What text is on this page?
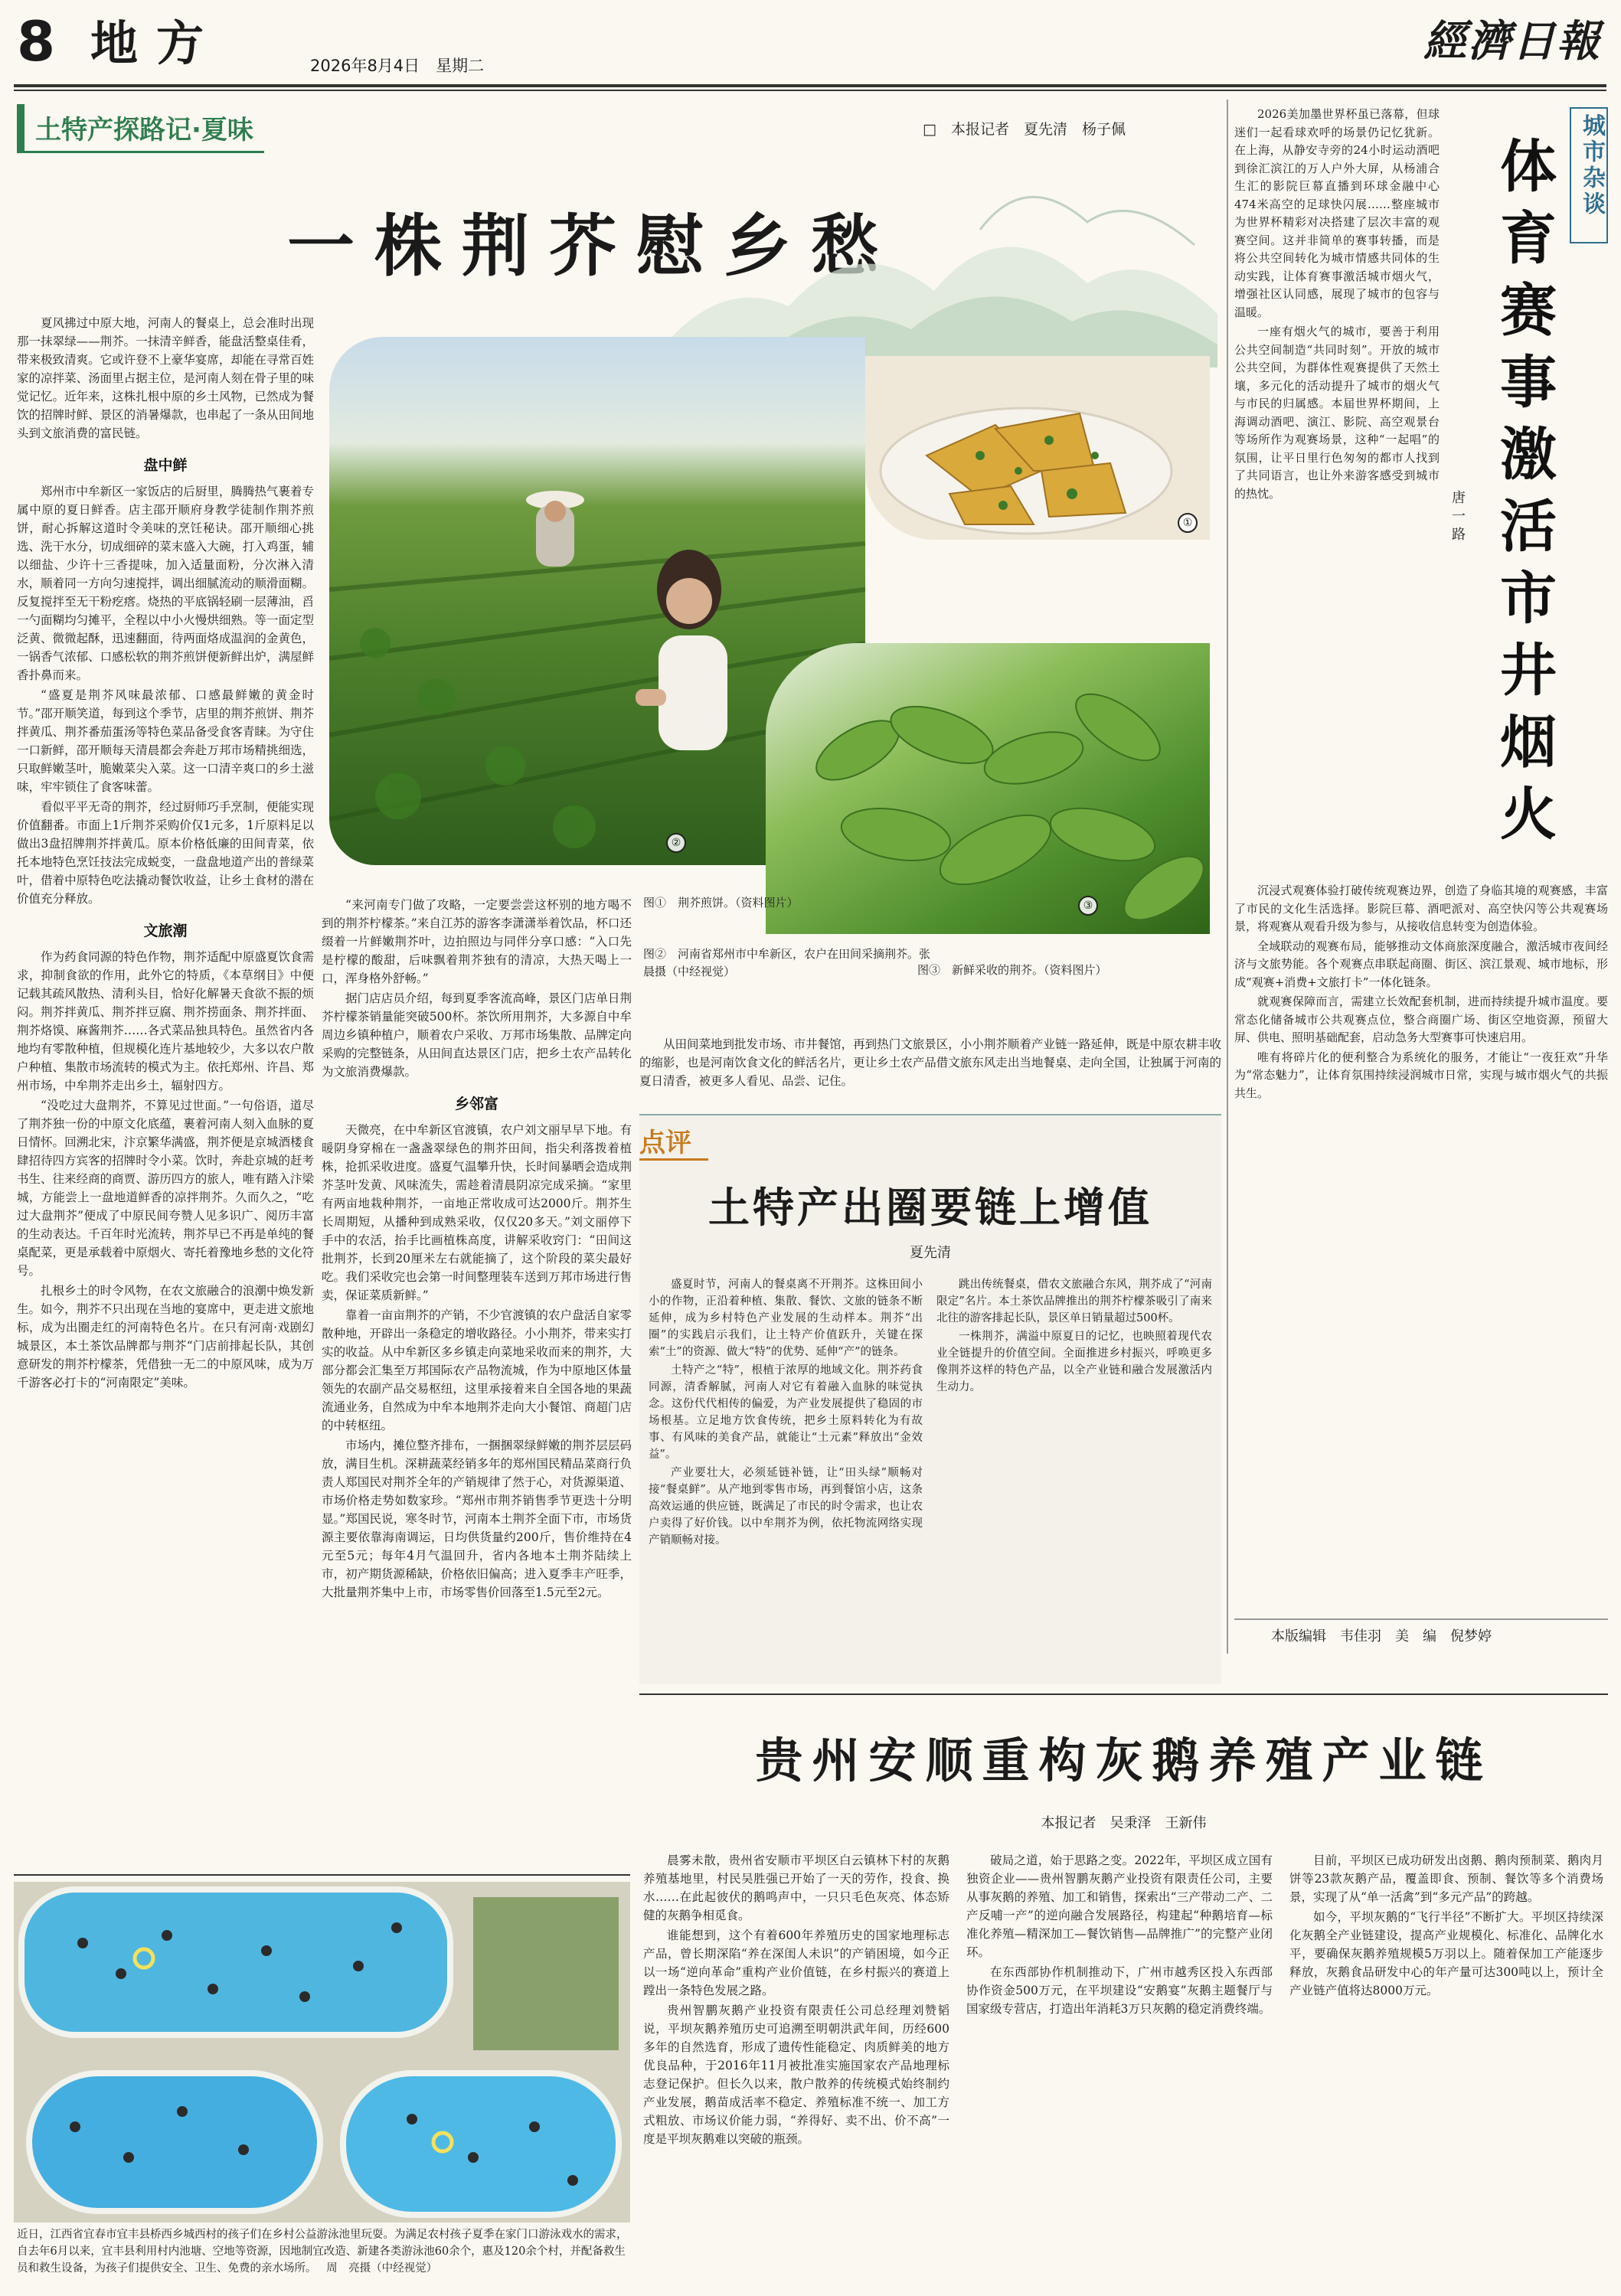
8 地方	2026年8月4日　星期二	經濟日報
土特产探路记·夏味	□　本报记者　夏先清　杨子佩
一株荆芥慰乡愁
②
①
③
图①　荆芥煎饼。（资料图片）
图②　河南省郑州市中牟新区，农户在田间采摘荆芥。张　晨摄（中经视觉）	图③　新鲜采收的荆芥。（资料图片）

夏风拂过中原大地，河南人的餐桌上，总会准时出现那一抹翠绿——荆芥。一抹清辛鲜香，能盘活整桌佳肴，带来极致清爽。它或许登不上豪华宴席，却能在寻常百姓家的凉拌菜、汤面里占据主位，是河南人刻在骨子里的味觉记忆。近年来，这株扎根中原的乡土风物，已然成为餐饮的招牌时鲜、景区的消暑爆款，也串起了一条从田间地头到文旅消费的富民链。

盘中鲜

郑州市中牟新区一家饭店的后厨里，腾腾热气裹着专属中原的夏日鲜香。店主邵开顺府身教学徒制作荆芥煎饼，耐心拆解这道时令美味的烹饪秘诀。邵开顺细心挑选、洗干水分，切成细碎的菜末盛入大碗，打入鸡蛋，辅以细盐、少许十三香提味，加入适量面粉，分次淋入清水，顺着同一方向匀速搅拌，调出细腻流动的顺滑面糊。反复搅拌至无干粉疙瘩。烧热的平底锅轻刷一层薄油，舀一勺面糊均匀摊平，全程以中小火慢烘细熟。等一面定型泛黄、微微起酥，迅速翻面，待两面烙成温润的金黄色，一锅香气浓郁、口感松软的荆芥煎饼便新鲜出炉，满屋鲜香扑鼻而来。

“盛夏是荆芥风味最浓郁、口感最鲜嫩的黄金时节。”邵开顺笑道，每到这个季节，店里的荆芥煎饼、荆芥拌黄瓜、荆芥番茄蛋汤等特色菜品备受食客青睐。为守住一口新鲜，邵开顺每天清晨都会奔赴万邦市场精挑细选，只取鲜嫩茎叶，脆嫩菜尖入菜。这一口清辛爽口的乡土滋味，牢牢锁住了食客味蕾。

看似平平无奇的荆芥，经过厨师巧手烹制，便能实现价值翻番。市面上1斤荆芥采购价仅1元多，1斤原料足以做出3盘招牌荆芥拌黄瓜。原本价格低廉的田间青菜，依托本地特色烹饪技法完成蜕变，一盘盘地道产出的普绿菜叶，借着中原特色吃法撬动餐饮收益，让乡土食材的潜在价值充分释放。

文旅潮

作为药食同源的特色作物，荆芥适配中原盛夏饮食需求，抑制食欲的作用，此外它的特质，《本草纲目》中便记载其疏风散热、清利头目，恰好化解暑天食欲不振的烦闷。荆芥拌黄瓜、荆芥拌豆腐、荆芥捞面条、荆芥拌面、荆芥烙馍、麻酱荆芥……各式菜品独具特色。虽然省内各地均有零散种植，但规模化连片基地较少，大多以农户散户种植、集散市场流转的模式为主。依托郑州、许昌、郑州市场，中牟荆芥走出乡土，辐射四方。

“没吃过大盘荆芥，不算见过世面。”一句俗语，道尽了荆芥独一份的中原文化底蕴，裹着河南人刻入血脉的夏日情怀。回溯北宋，汴京繁华满盛，荆芥便是京城酒楼食肆招待四方宾客的招牌时令小菜。饮时，奔赴京城的赶考书生、往来经商的商贾、游历四方的旅人，唯有踏入汴梁城，方能尝上一盘地道鲜香的凉拌荆芥。久而久之，“吃过大盘荆芥”便成了中原民间夸赞人见多识广、阅历丰富的生动表达。千百年时光流转，荆芥早已不再是单纯的餐桌配菜，更是承载着中原烟火、寄托着豫地乡愁的文化符号。

扎根乡土的时令风物，在农文旅融合的浪潮中焕发新生。如今，荆芥不只出现在当地的宴席中，更走进文旅地标，成为出圈走红的河南特色名片。在只有河南·戏剧幻城景区，本土茶饮品牌都与荆芥“门店前排起长队，其创意研发的荆芥柠檬茶，凭借独一无二的中原风味，成为万千游客必打卡的“河南限定”美味。

“来河南专门做了攻略，一定要尝尝这杯别的地方喝不到的荆芥柠檬茶。”来自江苏的游客李潇潇举着饮品，杯口还缀着一片鲜嫩荆芥叶，边拍照边与同伴分享口感：“入口先是柠檬的酸甜，后味飘着荆芥独有的清凉，大热天喝上一口，浑身格外舒畅。”

据门店店员介绍，每到夏季客流高峰，景区门店单日荆芥柠檬茶销量能突破500杯。茶饮所用荆芥，大多源自中牟周边乡镇种植户，顺着农户采收、万邦市场集散、品牌定向采购的完整链条，从田间直达景区门店，把乡土农产品转化为文旅消费爆款。

乡邻富

天微亮，在中牟新区官渡镇，农户刘文丽早早下地。有暖阴身穿棉在一盏盏翠绿色的荆芥田间，指尖利落拨着植株，抢抓采收进度。盛夏气温攀升快，长时间暴晒会造成荆芥茎叶发黄、风味流失，需趁着清晨阴凉完成采摘。“家里有两亩地栽种荆芥，一亩地正常收成可达2000斤。荆芥生长周期短，从播种到成熟采收，仅仅20多天。”刘文丽停下手中的农活，抬手比画植株高度，讲解采收窍门：“田间这批荆芥，长到20厘米左右就能摘了，这个阶段的菜尖最好吃。我们采收完也会第一时间整理装车送到万邦市场进行售卖，保证菜质新鲜。”

靠着一亩亩荆芥的产销，不少官渡镇的农户盘活自家零散种地，开辟出一条稳定的增收路径。小小荆芥，带来实打实的收益。从中牟新区多乡镇走向菜地采收而来的荆芥，大部分都会汇集至万邦国际农产品物流城，作为中原地区体量领先的农副产品交易枢纽，这里承接着来自全国各地的果蔬流通业务，自然成为中牟本地荆芥走向大小餐馆、商超门店的中转枢纽。

市场内，摊位整齐排布，一捆捆翠绿鲜嫩的荆芥层层码放，满目生机。深耕蔬菜经销多年的郑州国民精品菜商行负责人郑国民对荆芥全年的产销规律了然于心，对货源渠道、市场价格走势如数家珍。“郑州市荆芥销售季节更迭十分明显。”郑国民说，寒冬时节，河南本土荆芥全面下市，市场货源主要依靠海南调运，日均供货量约200斤，售价维持在4元至5元；每年4月气温回升，省内各地本土荆芥陆续上市，初产期货源稀缺，价格依旧偏高；进入夏季丰产旺季，大批量荆芥集中上市，市场零售价回落至1.5元至2元。

从田间菜地到批发市场、市井餐馆，再到热门文旅景区，小小荆芥顺着产业链一路延伸，既是中原农耕丰收的缩影，也是河南饮食文化的鲜活名片，更让乡土农产品借文旅东风走出当地餐桌、走向全国，让独属于河南的夏日清香，被更多人看见、品尝、记住。

点评
土特产出圈要链上增值
夏先清

盛夏时节，河南人的餐桌离不开荆芥。这株田间小小的作物，正沿着种植、集散、餐饮、文旅的链条不断延伸，成为乡村特色产业发展的生动样本。荆芥“出圈”的实践启示我们，让土特产价值跃升，关键在探索“土”的资源、做大“特”的优势、延伸“产”的链条。

土特产之“特”，根植于浓厚的地域文化。荆芥药食同源，清香解腻，河南人对它有着融入血脉的味觉执念。这份代代相传的偏爱，为产业发展提供了稳固的市场根基。立足地方饮食传统，把乡土原料转化为有故事、有风味的美食产品，就能让“土元素”释放出“金效益”。

产业要壮大，必须延链补链，让“田头绿”顺畅对接“餐桌鲜”。从产地到零售市场，再到餐馆小店，这条高效运通的供应链，既满足了市民的时令需求，也让农户卖得了好价钱。以中牟荆芥为例，依托物流网络实现产销顺畅对接。

跳出传统餐桌，借农文旅融合东风，荆芥成了“河南限定”名片。本土茶饮品牌推出的荆芥柠檬茶吸引了南来北往的游客排起长队，景区单日销量超过500杯。

一株荆芥，满溢中原夏日的记忆，也映照着现代农业全链提升的价值空间。全面推进乡村振兴，呼唤更多像荆芥这样的特色产品，以全产业链和融合发展激活内生动力。

城市杂谈
体育赛事激活市井烟火
唐一路

2026美加墨世界杯虽已落幕，但球迷们一起看球欢呼的场景仍记忆犹新。在上海，从静安寺旁的24小时运动酒吧到徐汇滨江的万人户外大屏，从杨浦合生汇的影院巨幕直播到环球金融中心474米高空的足球快闪展……整座城市为世界杯精彩对决搭建了层次丰富的观赛空间。这并非简单的赛事转播，而是将公共空间转化为城市情感共同体的生动实践，让体育赛事激活城市烟火气，增强社区认同感，展现了城市的包容与温暖。

一座有烟火气的城市，要善于利用公共空间制造“共同时刻”。开放的城市公共空间，为群体性观赛提供了天然土壤，多元化的活动提升了城市的烟火气与市民的归属感。本届世界杯期间，上海调动酒吧、演江、影院、高空观景台等场所作为观赛场景，这种“一起唱”的氛围，让平日里行色匆匆的都市人找到了共同语言，也让外来游客感受到城市的热忱。

沉浸式观赛体验打破传统观赛边界，创造了身临其境的观赛感，丰富了市民的文化生活选择。影院巨幕、酒吧派对、高空快闪等公共观赛场景，将观赛从观看升级为参与，从接收信息转变为创造体验。

全域联动的观赛布局，能够推动文体商旅深度融合，激活城市夜间经济与文旅势能。各个观赛点串联起商圈、街区、滨江景观、城市地标，形成“观赛+消费+文旅打卡”一体化链条。

就观赛保障而言，需建立长效配套机制，进而持续提升城市温度。要常态化储备城市公共观赛点位，整合商圈广场、街区空地资源，预留大屏、供电、照明基础配套，启动急务大型赛事可快速启用。

唯有将碎片化的便利整合为系统化的服务，才能让“一夜狂欢”升华为“常态魅力”，让体育氛围持续浸润城市日常，实现与城市烟火气的共振共生。

本版编辑　韦佳羽　美　编　倪梦婷
贵州安顺重构灰鹅养殖产业链
本报记者　吴秉泽　王新伟

晨雾未散，贵州省安顺市平坝区白云镇林下村的灰鹅养殖基地里，村民吴胜强已开始了一天的劳作，投食、换水……在此起彼伏的鹅鸣声中，一只只毛色灰亮、体态矫健的灰鹅争相觅食。

谁能想到，这个有着600年养殖历史的国家地理标志产品，曾长期深陷“养在深闺人未识”的产销困境，如今正以一场“逆向革命”重构产业价值链，在乡村振兴的赛道上蹚出一条特色发展之路。

贵州智鹏灰鹅产业投资有限责任公司总经理刘赞韬说，平坝灰鹅养殖历史可追溯至明朝洪武年间，历经600多年的自然选育，形成了遗传性能稳定、肉质鲜美的地方优良品种，于2016年11月被批准实施国家农产品地理标志登记保护。但长久以来，散户散养的传统模式始终制约产业发展，鹅苗成活率不稳定、养殖标准不统一、加工方式粗放、市场议价能力弱，“养得好、卖不出、价不高”一度是平坝灰鹅难以突破的瓶颈。

破局之道，始于思路之变。2022年，平坝区成立国有独资企业——贵州智鹏灰鹅产业投资有限责任公司，主要从事灰鹅的养殖、加工和销售，探索出“三产带动二产、二产反哺一产”的逆向融合发展路径，构建起“种鹅培育—标准化养殖—精深加工—餐饮销售—品牌推广”的完整产业闭环。

在东西部协作机制推动下，广州市越秀区投入东西部协作资金500万元，在平坝建设“安鹅宴”灰鹅主题餐厅与国家级专营店，打造出年消耗3万只灰鹅的稳定消费终端。

目前，平坝区已成功研发出卤鹅、鹅肉预制菜、鹅肉月饼等23款灰鹅产品，覆盖即食、预制、餐饮等多个消费场景，实现了从“单一活禽”到“多元产品”的跨越。

如今，平坝灰鹅的“飞行半径”不断扩大。平坝区持续深化灰鹅全产业链建设，提高产业规模化、标准化、品牌化水平，要确保灰鹅养殖规模5万羽以上。随着保加工产能逐步释放，灰鹅食品研发中心的年产量可达300吨以上，预计全产业链产值将达8000万元。

近日，江西省宜春市宜丰县桥西乡城西村的孩子们在乡村公益游泳池里玩耍。为满足农村孩子夏季在家门口游泳戏水的需求，自去年6月以来，宜丰县利用村内池塘、空地等资源，因地制宜改造、新建各类游泳池60余个，惠及120余个村，并配备救生员和救生设备，为孩子们提供安全、卫生、免费的亲水场所。 周　亮摄（中经视觉）
